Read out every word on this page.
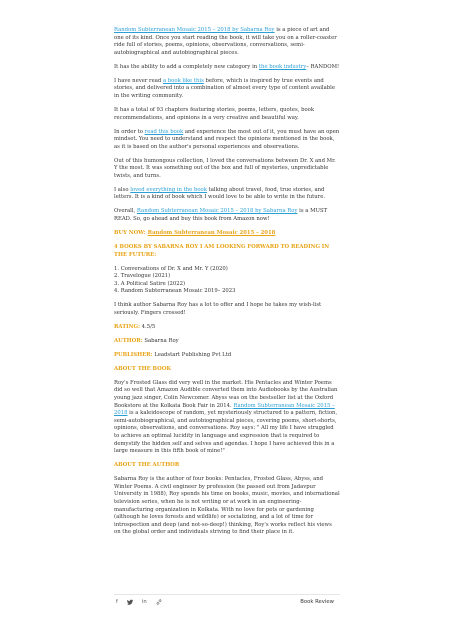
Random Subterranean Mosaic 2015 – 2018 by Sabarna Roy is a piece of art and one of its kind. Once you start reading the book, it will take you on a roller-coaster ride full of stories, poems, opinions, observations, conversations, semi-autobiographical and autobiographical pieces.

It has the ability to add a completely new category in the book industry– RANDOM!

I have never read a book like this before, which is inspired by true events and stories, and delivered into a combination of almost every type of content available in the writing community.

It has a total of 93 chapters featuring stories, poems, letters, quotes, book recommendations, and opinions in a very creative and beautiful way.

In order to read this book and experience the most out of it, you must have an open mindset. You need to understand and respect the opinions mentioned in the book, as it is based on the author's personal experiences and observations.

Out of this humongous collection, I loved the conversations between Dr. X and Mr. Y the most. It was something out of the box and full of mysteries, unpredictable twists, and turns.

I also loved everything in the book talking about travel, food, true stories, and letters. It is a kind of book which I would love to be able to write in the future.

Overall, Random Subterranean Mosaic 2015 – 2018 by Sabarna Roy is a MUST READ. So, go ahead and buy this book from Amazon now!

BUY NOW: Random Subterranean Mosaic 2015 – 2018

4 BOOKS BY SABARNA ROY I AM LOOKING FORWARD TO READING IN THE FUTURE:

1. Conversations of Dr. X and Mr. Y (2020)
2. Travelogue (2021)
3. A Political Satire (2022)
4. Random Subterranean Mosaic 2019– 2023

I think author Sabarna Roy has a lot to offer and I hope he takes my wish-list seriously. Fingers crossed!

RATING: 4.5/5

AUTHOR: Sabarna Roy

PUBLISHER: Leadstart Publishing Pvt Ltd

ABOUT THE BOOK

Roy's Frosted Glass did very well in the market. His Pentacles and Winter Poems did so well that Amazon Audible converted them into Audiobooks by the Australian young jazz singer, Colin Newcomer. Abyss was on the bestseller list at the Oxford Bookstore at the Kolkata Book Fair in 2014. Random Subterranean Mosaic 2015 – 2018 is a kaleidoscope of random, yet mysteriously structured to a pattern, fiction, semi-autobiographical, and autobiographical pieces, covering poems, short-shorts, opinions, observations, and conversations. Roy says: " All my life I have struggled to achieve an optimal lucidity in language and expression that is required to demystify the hidden self and selves and agendas. I hope I have achieved this in a large measure in this fifth book of mine!"

ABOUT THE AUTHOR

Sabarna Roy is the author of four books: Pentacles, Frosted Glass, Abyss, and Winter Poems. A civil engineer by profession (he passed out from Jadavpur University in 1988), Roy spends his time on books, music, movies, and international television series, when he is not writing or at work in an engineering-manufacturing organization in Kolkata. With no love for pets or gardening (although he loves forests and wildlife) or socializing, and a lot of time for introspection and deep (and not-so-deep!) thinking, Roy's works reflect his views on the global order and individuals striving to find their place in it.

f	in	Book Review
